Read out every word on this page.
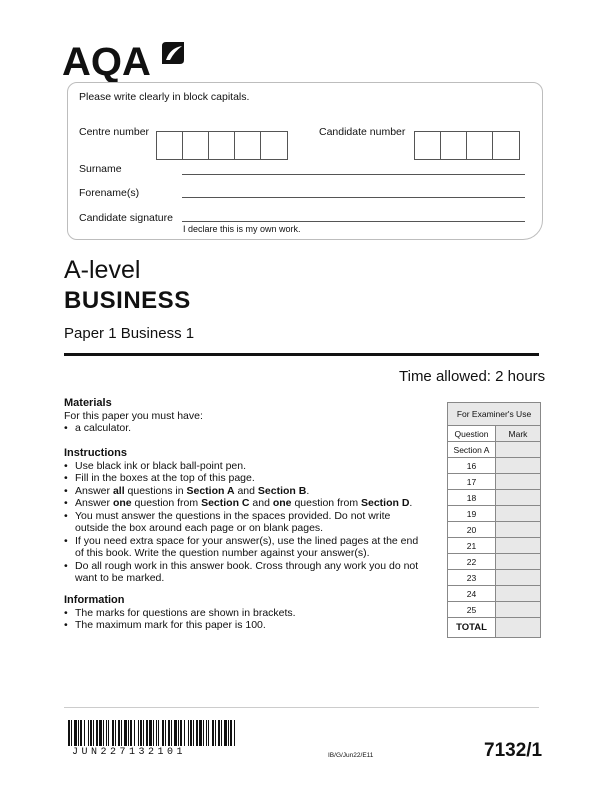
AQA
Please write clearly in block capitals.
Centre number	Candidate number
Surname
Forename(s)
Candidate signature
I declare this is my own work.
A-level
BUSINESS
Paper 1 Business 1
Time allowed: 2 hours
Materials
For this paper you must have:
• a calculator.
Instructions
• Use black ink or black ball-point pen.
• Fill in the boxes at the top of this page.
• Answer all questions in Section A and Section B.
• Answer one question from Section C and one question from Section D.
• You must answer the questions in the spaces provided. Do not write outside the box around each page or on blank pages.
• If you need extra space for your answer(s), use the lined pages at the end of this book. Write the question number against your answer(s).
• Do all rough work in this answer book. Cross through any work you do not want to be marked.
Information
• The marks for questions are shown in brackets.
• The maximum mark for this paper is 100.
For Examiner's Use	
Question	Mark
Section A	
16	
17	
18	
19	
20	
21	
22	
23	
24	
25	
TOTAL	
JUN227132101	IB/G/Jun22/E11	7132/1
